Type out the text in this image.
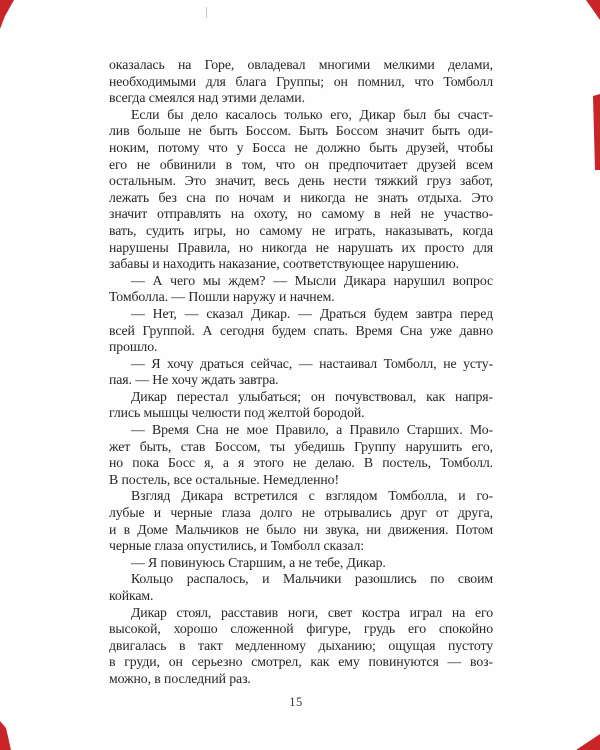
оказалась на Горе, овладевал многими мелкими делами,
необходимыми для блага Группы; он помнил, что Томболл
всегда смеялся над этими делами.
Если бы дело касалось только его, Дикар был бы счаст-
лив больше не быть Боссом. Быть Боссом значит быть оди-
ноким, потому что у Босса не должно быть друзей, чтобы
его не обвинили в том, что он предпочитает друзей всем
остальным. Это значит, весь день нести тяжкий груз забот,
лежать без сна по ночам и никогда не знать отдыха. Это
значит отправлять на охоту, но самому в ней не участво-
вать, судить игры, но самому не играть, наказывать, когда
нарушены Правила, но никогда не нарушать их просто для
забавы и находить наказание, соответствующее нарушению.
— А чего мы ждем? — Мысли Дикара нарушил вопрос
Томболла. — Пошли наружу и начнем.
— Нет, — сказал Дикар. — Драться будем завтра перед
всей Группой. А сегодня будем спать. Время Сна уже давно
прошло.
— Я хочу драться сейчас, — настаивал Томболл, не усту-
пая. — Не хочу ждать завтра.
Дикар перестал улыбаться; он почувствовал, как напря-
глись мышцы челюсти под желтой бородой.
— Время Сна не мое Правило, а Правило Старших. Мо-
жет быть, став Боссом, ты убедишь Группу нарушить его,
но пока Босс я, а я этого не делаю. В постель, Томболл.
В постель, все остальные. Немедленно!
Взгляд Дикара встретился с взглядом Томболла, и го-
лубые и черные глаза долго не отрывались друг от друга,
и в Доме Мальчиков не было ни звука, ни движения. Потом
черные глаза опустились, и Томболл сказал:
— Я повинуюсь Старшим, а не тебе, Дикар.
Кольцо распалось, и Мальчики разошлись по своим
койкам.
Дикар стоял, расставив ноги, свет костра играл на его
высокой, хорошо сложенной фигуре, грудь его спокойно
двигалась в такт медленному дыханию; ощущая пустоту
в груди, он серьезно смотрел, как ему повинуются — воз-
можно, в последний раз.
15
